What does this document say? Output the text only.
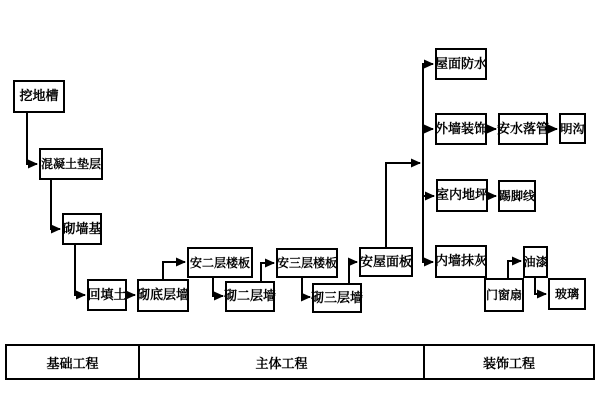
挖地槽
混凝土垫层
砌墙基
回填土 砌底层墙
安二层楼板
砌二层墙
安三层楼板
砌三层墙
安屋面板
屋面防水
外墙装饰 安水落管 明沟
室内地坪 踢脚线
内墙抹灰
门窗扇
油漆
玻璃
基础工程	主体工程	装饰工程
